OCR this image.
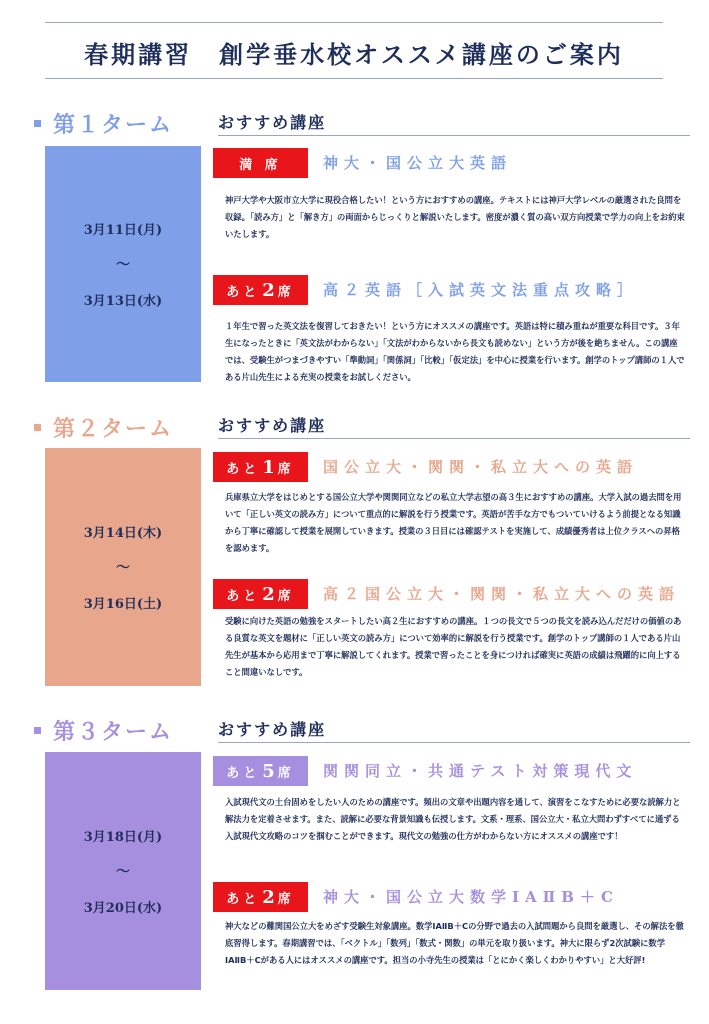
春期講習　創学垂水校オススメ講座のご案内
第１ターム
3月11日(月)
〜
3月13日(水)
おすすめ講座
満 席	神大・国公立大英語
神戸大学や大阪市立大学に現役合格したい！という方におすすめの講座。テキストには神戸大学レベルの厳選された良問を収録。「読み方」と「解き方」の両面からじっくりと解説いたします。密度が濃く質の高い双方向授業で学力の向上をお約束いたします。
あと 2 席 高２英語［入試英文法重点攻略］
１年生で習った英文法を復習しておきたい！という方にオススメの講座です。英語は特に積み重ねが重要な科目です。３年生になったときに「英文法がわからない」「文法がわからないから長文も読めない」という方が後を絶ちません。この講座では、受験生がつまづきやすい「準動詞」「関係詞」「比較」「仮定法」を中心に授業を行います。創学のトップ講師の１人である片山先生による充実の授業をお試しください。
第２ターム
3月14日(木)
〜
3月16日(土)
おすすめ講座
あと 1 席 国公立大・関関・私立大への英語
兵庫県立大学をはじめとする国公立大学や関関同立などの私立大学志望の高３生におすすめの講座。大学入試の過去問を用いて「正しい英文の読み方」について重点的に解説を行う授業です。英語が苦手な方でもついていけるよう前提となる知識から丁寧に確認して授業を展開していきます。授業の３日目には確認テストを実施して、成績優秀者は上位クラスへの昇格を認めます。
あと 2 席 高２国公立大・関関・私立大への英語
受験に向けた英語の勉強をスタートしたい高２生におすすめの講座。１つの長文で５つの長文を読み込んだだけの価値のある良質な英文を題材に「正しい英文の読み方」について効率的に解説を行う授業です。創学のトップ講師の１人である片山先生が基本から応用まで丁寧に解説してくれます。授業で習ったことを身につければ確実に英語の成績は飛躍的に向上すること間違いなしです。
第３ターム
3月18日(月)
〜
3月20日(水)
おすすめ講座
あと 5 席 関関同立・共通テスト対策現代文
入試現代文の土台固めをしたい人のための講座です。頻出の文章や出題内容を通して、演習をこなすために必要な読解力と解法力を定着させます。また、読解に必要な背景知識も伝授します。文系・理系、国公立大・私立大問わずすべてに通ずる入試現代文攻略のコツを掴むことができます。現代文の勉強の仕方がわからない方にオススメの講座です！
あと 2 席 神大・国公立大数学ⅠAⅡB＋C
神大などの難関国公立大をめざす受験生対象講座。数学ⅠAⅡB＋Cの分野で過去の入試問題から良問を厳選し、その解法を徹底習得します。春期講習では、「ベクトル」「数列」「数式・関数」の単元を取り扱います。神大に限らず2次試験に数学ⅠAⅡB＋Cがある人にはオススメの講座です。担当の小寺先生の授業は「とにかく楽しくわかりやすい」と大好評!
